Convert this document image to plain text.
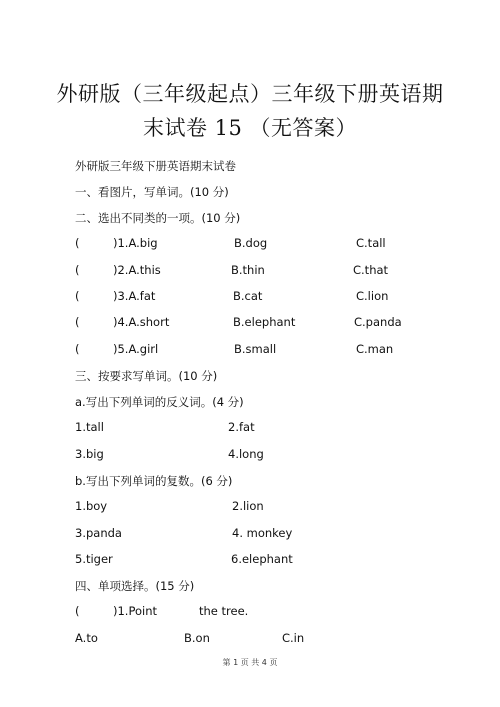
外研版（三年级起点）三年级下册英语期
末试卷 15 （无答案）
外研版三年级下册英语期末试卷
一、看图片，写单词。(10 分)
二、选出不同类的一项。(10 分)
(	)1.A.big	B.dog	C.tall
(	)2.A.this	B.thin	C.that
(	)3.A.fat	B.cat	C.lion
(	)4.A.short	B.elephant	C.panda
(	)5.A.girl	B.small	C.man
三、按要求写单词。(10 分)
a.写出下列单词的反义词。(4 分)
1.tall	2.fat
3.big	4.long
b.写出下列单词的复数。(6 分)
1.boy	2.lion
3.panda	4. monkey
5.tiger	6.elephant
四、单项选择。(15 分)
(	)1.Point	the tree.
A.to	B.on	C.in
第 1 页 共 4 页
